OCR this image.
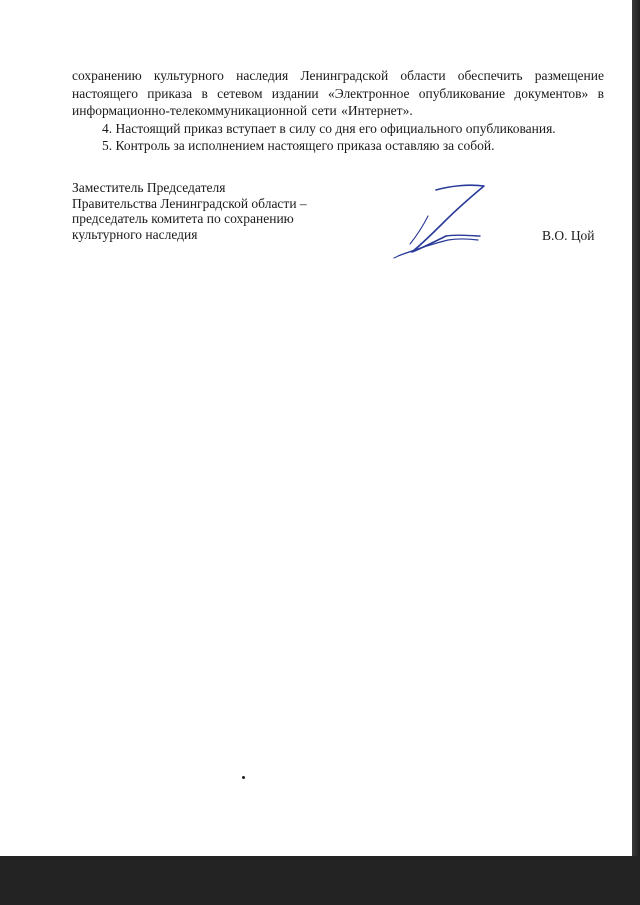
сохранению культурного наследия Ленинградской области обеспечить размещение настоящего приказа в сетевом издании «Электронное опубликование документов» в информационно-телекоммуникационной сети «Интернет».

4. Настоящий приказ вступает в силу со дня его официального опубликования.

5. Контроль за исполнением настоящего приказа оставляю за собой.

Заместитель Председателя
Правительства Ленинградской области –
председатель комитета по сохранению
культурного наследия	В.О. Цой
